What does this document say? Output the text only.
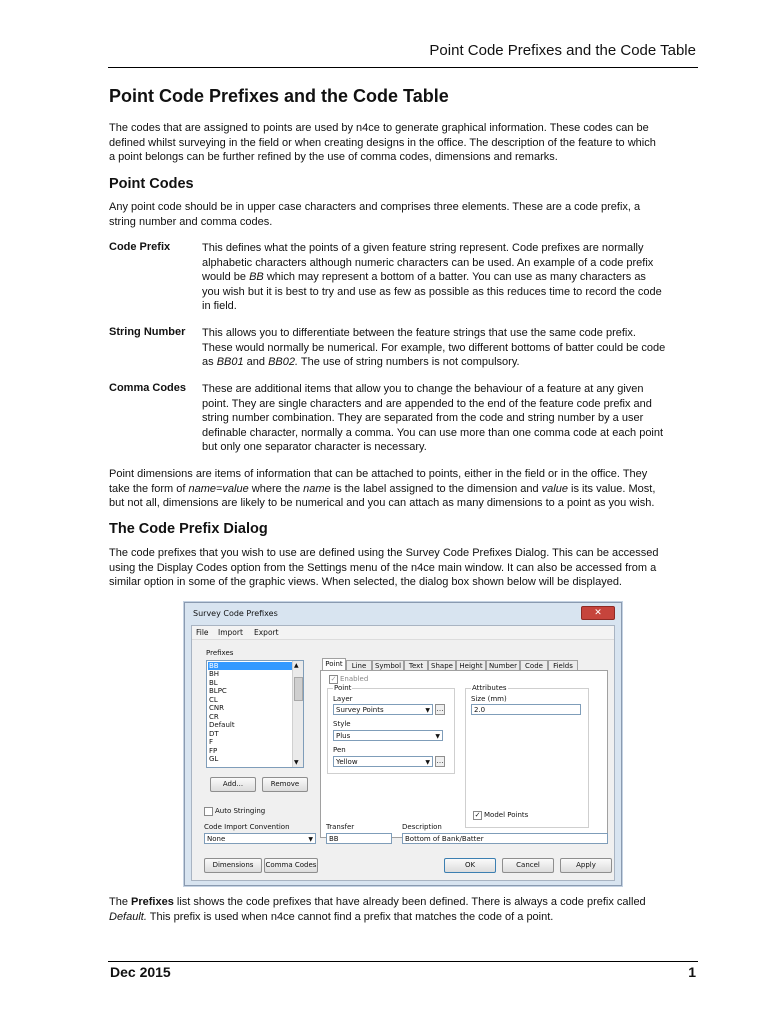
Point Code Prefixes and the Code Table
Point Code Prefixes and the Code Table
The codes that are assigned to points are used by n4ce to generate graphical information. These codes can be
defined whilst surveying in the field or when creating designs in the office. The description of the feature to which
a point belongs can be further refined by the use of comma codes, dimensions and remarks.
Point Codes
Any point code should be in upper case characters and comprises three elements. These are a code prefix, a
string number and comma codes.
Code Prefix	This defines what the points of a given feature string represent. Code prefixes are normally
alphabetic characters although numeric characters can be used. An example of a code prefix
would be BB which may represent a bottom of a batter. You can use as many characters as
you wish but it is best to try and use as few as possible as this reduces time to record the code
in field.
String Number This allows you to differentiate between the feature strings that use the same code prefix.
These would normally be numerical. For example, two different bottoms of batter could be code
as BB01 and BB02. The use of string numbers is not compulsory.
Comma Codes These are additional items that allow you to change the behaviour of a feature at any given
point. They are single characters and are appended to the end of the feature code prefix and
string number combination. They are separated from the code and string number by a user
definable character, normally a comma. You can use more than one comma code at each point
but only one separator character is necessary.
Point dimensions are items of information that can be attached to points, either in the field or in the office. They
take the form of name=value where the name is the label assigned to the dimension and value is its value. Most,
but not all, dimensions are likely to be numerical and you can attach as many dimensions to a point as you wish.
The Code Prefix Dialog
The code prefixes that you wish to use are defined using the Survey Code Prefixes Dialog. This can be accessed
using the Display Codes option from the Settings menu of the n4ce main window. It can also be accessed from a
similar option in some of the graphic views. When selected, the dialog box shown below will be displayed.
Survey Code Prefixes	✕
File Import Export
Prefixes
BB
BH
BL
BLPC
CL
CNR
CR
Default
DT
F
FP
GL
▲
▼
Add...	Remove
Auto Stringing
Point	Line	Symbol	Text	Shape Height Number	Code	Fields
✓ Enabled
Point
Layer
Survey Points	▼ …
Style
Plus	▼
Pen
Yellow	▼ …
Attributes
Size (mm)
2.0
✓ Model Points
Code Import Convention
None	▼
Transfer
BB
Description
Bottom of Bank/Batter
Dimensions	Comma Codes	OK	Cancel	Apply
The Prefixes list shows the code prefixes that have already been defined. There is always a code prefix called
Default. This prefix is used when n4ce cannot find a prefix that matches the code of a point.
Dec 2015	1
